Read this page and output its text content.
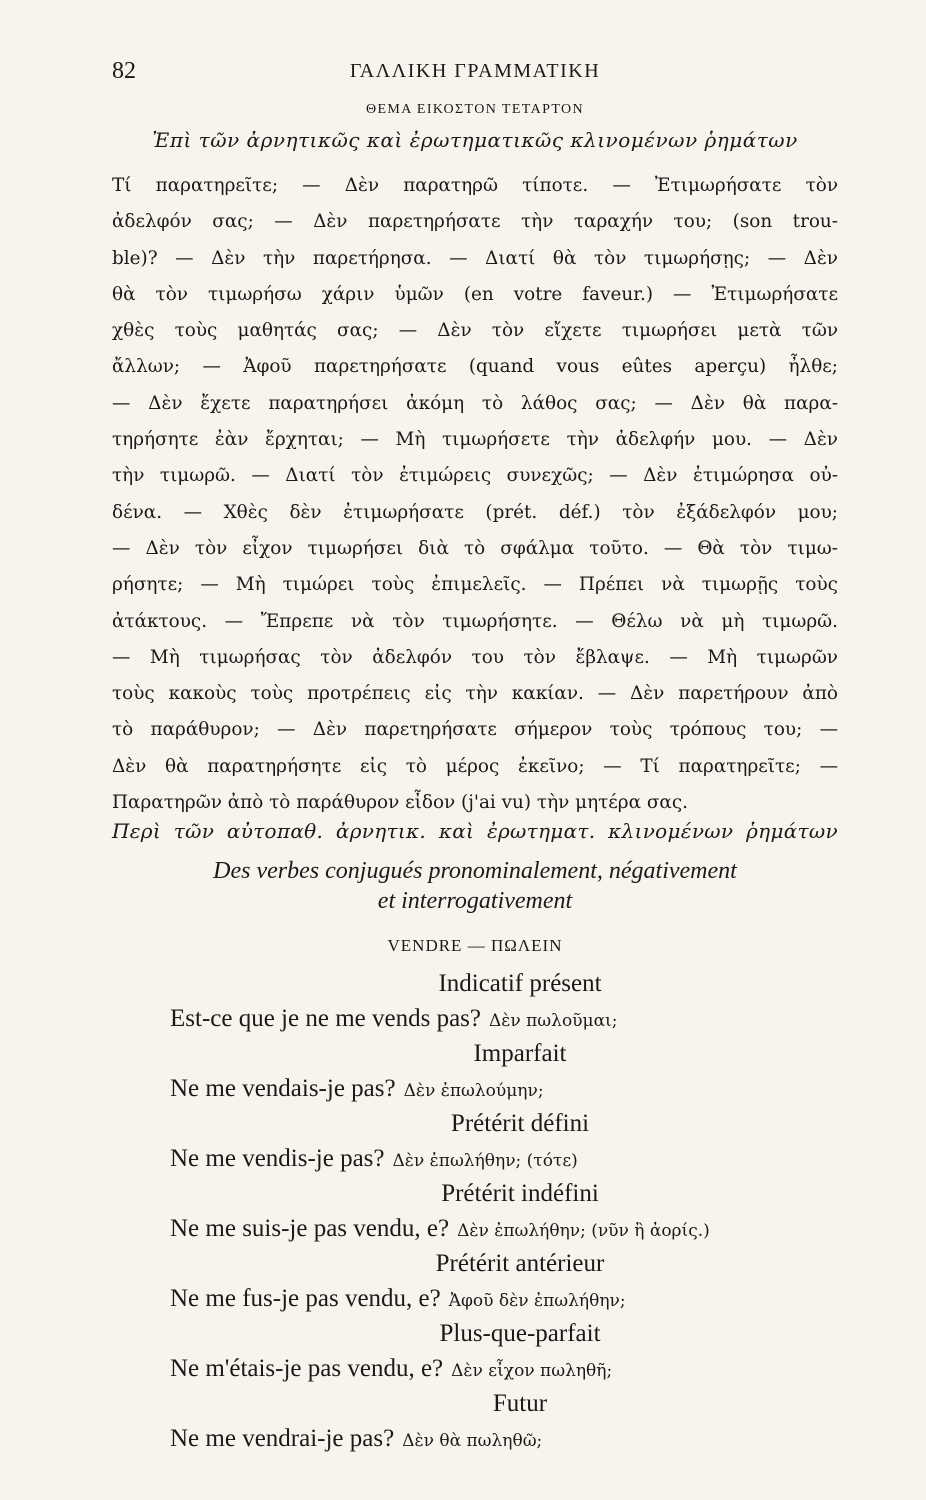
82	ΓΑΛΛΙΚΗ ΓΡΑΜΜΑΤΙΚΗ
ΘΕΜΑ ΕΙΚΟΣΤΟΝ ΤΕΤΑΡΤΟΝ
Ἐπὶ τῶν ἀρνητικῶς καὶ ἐρωτηματικῶς κλινομένων ῥημάτων
Τί παρατηρεῖτε; — Δὲν παρατηρῶ τίποτε. — Ἐτιμωρήσατε τὸν
ἀδελφόν σας; — Δὲν παρετηρήσατε τὴν ταραχήν του; (son trou-
ble)? — Δὲν τὴν παρετήρησα. — Διατί θὰ τὸν τιμωρήσῃς; — Δὲν
θὰ τὸν τιμωρήσω χάριν ὑμῶν (en votre faveur.) — Ἐτιμωρήσατε
χθὲς τοὺς μαθητάς σας; — Δὲν τὸν εἴχετε τιμωρήσει μετὰ τῶν
ἄλλων; — Ἀφοῦ παρετηρήσατε (quand vous eûtes aperçu) ἦλθε;
— Δὲν ἔχετε παρατηρήσει ἀκόμη τὸ λάθος σας; — Δὲν θὰ παρα-
τηρήσητε ἐὰν ἔρχηται; — Μὴ τιμωρήσετε τὴν ἀδελφήν μου. — Δὲν
τὴν τιμωρῶ. — Διατί τὸν ἐτιμώρεις συνεχῶς; — Δὲν ἐτιμώρησα οὐ-
δένα. — Χθὲς δὲν ἐτιμωρήσατε (prét. déf.) τὸν ἐξάδελφόν μου;
— Δὲν τὸν εἶχον τιμωρήσει διὰ τὸ σφάλμα τοῦτο. — Θὰ τὸν τιμω-
ρήσητε; — Μὴ τιμώρει τοὺς ἐπιμελεῖς. — Πρέπει νὰ τιμωρῇς τοὺς
ἀτάκτους. — Ἔπρεπε νὰ τὸν τιμωρήσητε. — Θέλω νὰ μὴ τιμωρῶ.
— Μὴ τιμωρήσας τὸν ἀδελφόν του τὸν ἔβλαψε. — Μὴ τιμωρῶν
τοὺς κακοὺς τοὺς προτρέπεις εἰς τὴν κακίαν. — Δὲν παρετήρουν ἀπὸ
τὸ παράθυρον; — Δὲν παρετηρήσατε σήμερον τοὺς τρόπους του; —
Δὲν θὰ παρατηρήσητε εἰς τὸ μέρος ἐκεῖνο; — Τί παρατηρεῖτε; —
Παρατηρῶν ἀπὸ τὸ παράθυρον εἶδον (j'ai vu) τὴν μητέρα σας.
Περὶ τῶν αὐτοπαθ. ἀρνητικ. καὶ ἐρωτηματ. κλινομένων ῥημάτων
Des verbes conjugués pronominalement, négativement
et interrogativement
VENDRE — ΠΩΛΕΙΝ
Indicatif présent
Est-ce que je ne me vends pas? Δὲν πωλοῦμαι;
Imparfait
Ne me vendais-je pas? Δὲν ἐπωλούμην;
Prétérit défini
Ne me vendis-je pas? Δὲν ἐπωλήθην; (τότε)
Prétérit indéfini
Ne me suis-je pas vendu, e? Δὲν ἐπωλήθην; (νῦν ἢ ἀορίς.)
Prétérit antérieur
Ne me fus-je pas vendu, e? Ἀφοῦ δὲν ἐπωλήθην;
Plus-que-parfait
Ne m'étais-je pas vendu, e? Δὲν εἶχον πωληθῆ;
Futur
Ne me vendrai-je pas? Δὲν θὰ πωληθῶ;
